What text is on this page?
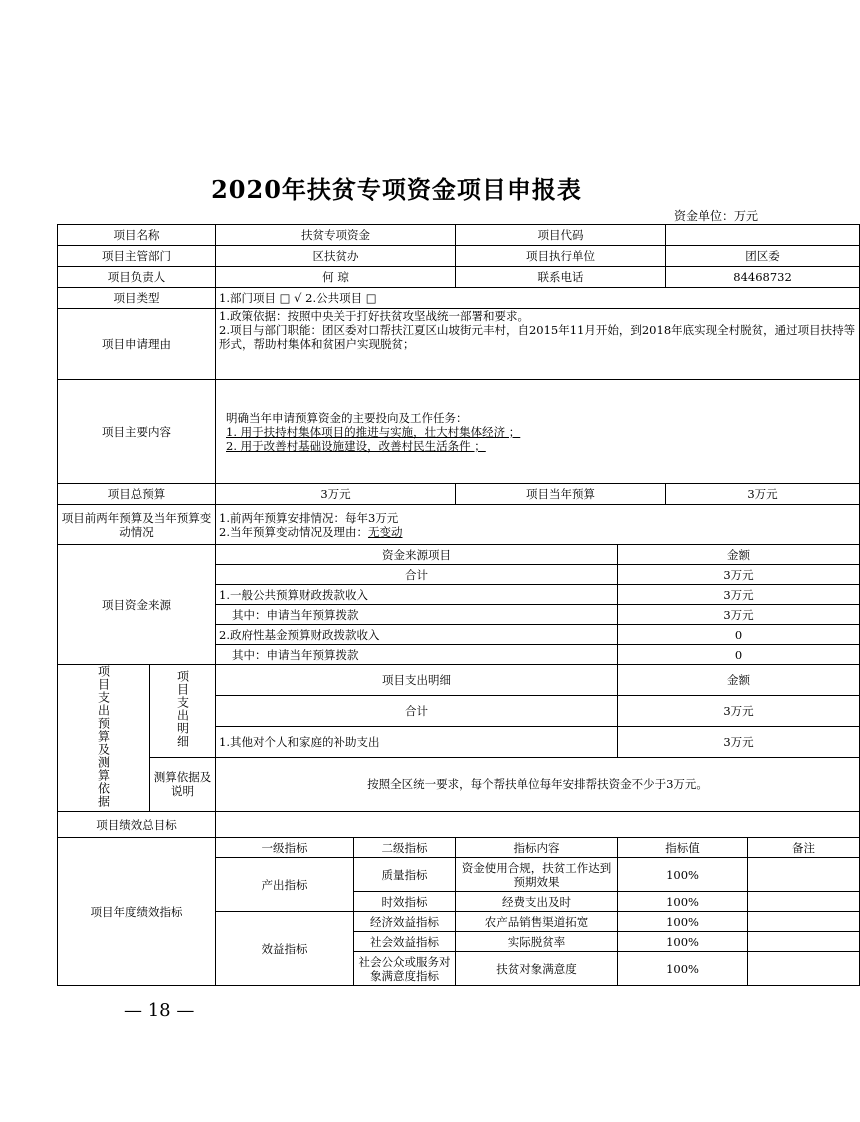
2020年扶贫专项资金项目申报表
资金单位：万元
项目名称		扶贫专项资金		项目代码			
项目主管部门		区扶贫办		项目执行单位		团区委	
项目负责人		何 琼		联系电话		84468732	
项目类型		1.部门项目 □ √ 2.公共项目 □					
项目申请理由		1.政策依据：按照中央关于打好扶贫攻坚战统一部署和要求。
2.项目与部门职能：团区委对口帮扶江夏区山坡街元丰村，自2015年11月开始，到2018年底实现全村脱贫，通过项目扶持等形式，帮助村集体和贫困户实现脱贫；					

项目主要内容		明确当年申请预算资金的主要投向及工作任务：
1. 用于扶持村集体项目的推进与实施，壮大村集体经济 ；
2. 用于改善村基础设施建设，改善村民生活条件 ；					

项目总预算		3万元		项目当年预算		3万元	
项目前两年预算及当年预算变动情况		1.前两年预算安排情况：每年3万元
2.当年预算变动情况及理由：无变动					

项目资金来源		资金来源项目			金额		
		合计			3万元		
		1.一般公共预算财政拨款收入			3万元		
		其中：申请当年预算拨款			3万元		
		2.政府性基金预算财政拨款收入			0		
		其中：申请当年预算拨款			0		
项目支出预算及测算依据	项目支出明细	项目支出明细			金额		
		合计			3万元		
		1.其他对个人和家庭的补助支出			3万元		
	测算依据及说明	按照全区统一要求，每个帮扶单位每年安排帮扶资金不少于3万元。					
项目绩效总目标							
项目年度绩效指标		一级指标	二级指标	指标内容	指标值		备注
		产出指标	质量指标	资金使用合规，扶贫工作达到预期效果	100%		
			时效指标	经费支出及时	100%		
		效益指标	经济效益指标	农产品销售渠道拓宽	100%		
			社会效益指标	实际脱贫率	100%		
			社会公众或服务对象满意度指标	扶贫对象满意度	100%		
— 18 —
